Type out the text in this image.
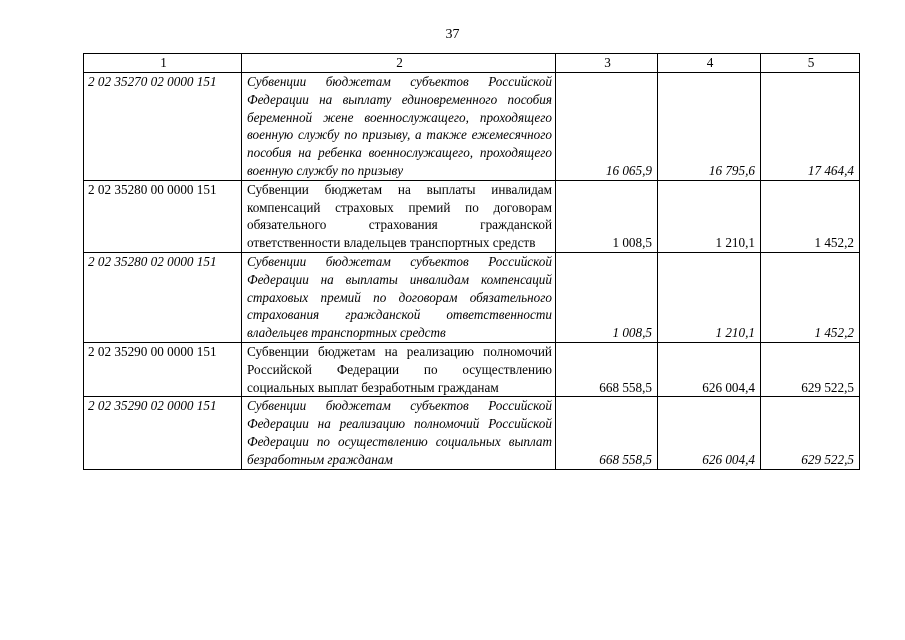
37
1	2	3	4	5
2 02 35270 02 0000 151	Субвенции бюджетам субъектов Российской Федерации на выплату единовременного пособия беременной жене военнослужащего, проходящего военную службу по призыву, а также ежемесячного пособия на ребенка военнослужащего, проходящего военную службу по призыву	16 065,9	16 795,6	17 464,4
2 02 35280 00 0000 151	Субвенции бюджетам на выплаты инвалидам компенсаций страховых премий по договорам обязательного страхования гражданской ответственности владельцев транспортных средств	1 008,5	1 210,1	1 452,2
2 02 35280 02 0000 151	Субвенции бюджетам субъектов Российской Федерации на выплаты инвалидам компенсаций страховых премий по договорам обязательного страхования гражданской ответственности владельцев транспортных средств	1 008,5	1 210,1	1 452,2
2 02 35290 00 0000 151	Субвенции бюджетам на реализацию полномочий Российской Федерации по осуществлению социальных выплат безработным гражданам	668 558,5	626 004,4	629 522,5
2 02 35290 02 0000 151	Субвенции бюджетам субъектов Российской Федерации на реализацию полномочий Российской Федерации по осуществлению социальных выплат безработным гражданам	668 558,5	626 004,4	629 522,5
